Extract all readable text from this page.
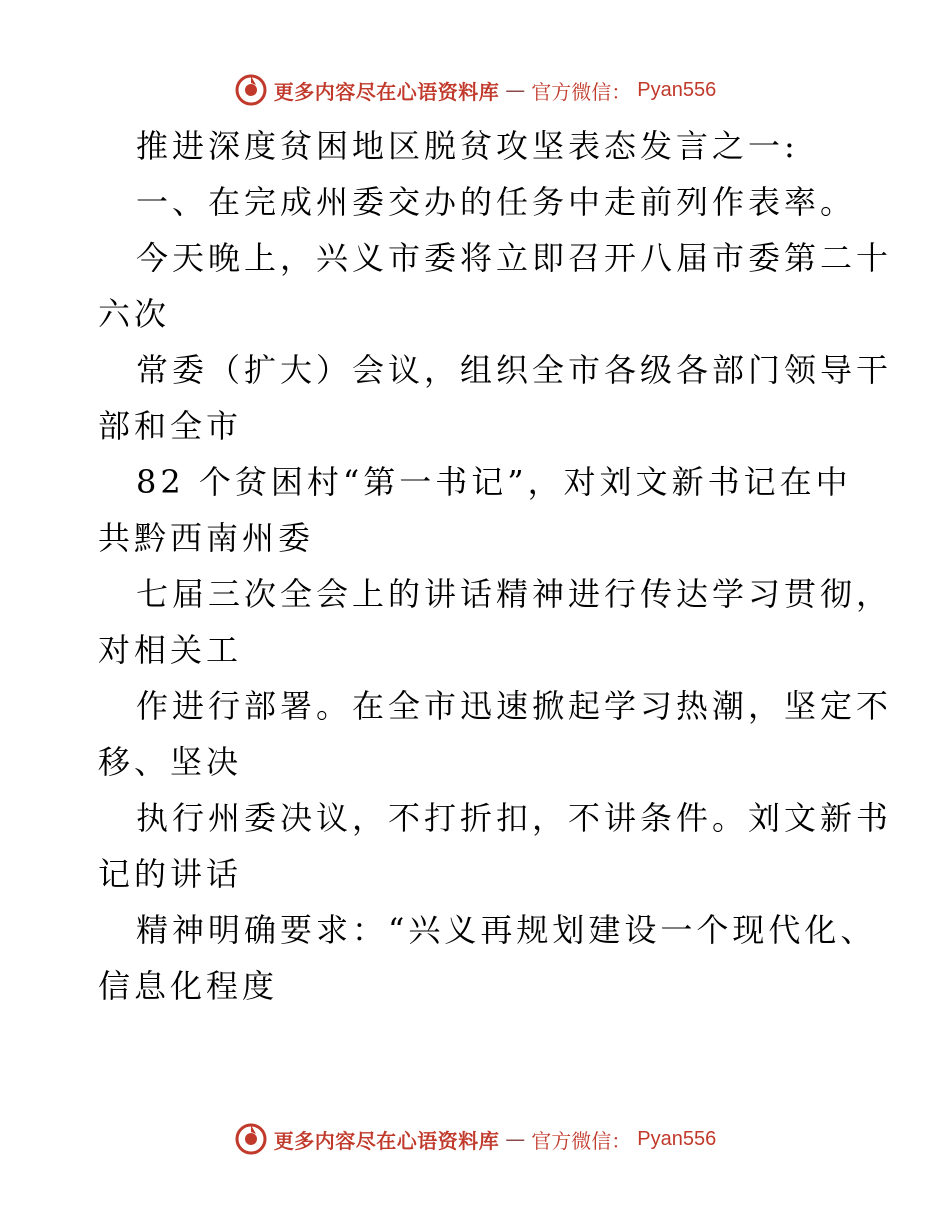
更多内容尽在心语资料库 — 官方微信： Pyan556
推进深度贫困地区脱贫攻坚表态发言之一:
一、在完成州委交办的任务中走前列作表率。
今天晚上，兴义市委将立即召开八届市委第二十
六次
常委（扩大）会议，组织全市各级各部门领导干
部和全市
82 个贫困村“第一书记”，对刘文新书记在中
共黔西南州委
七届三次全会上的讲话精神进行传达学习贯彻，
对相关工
作进行部署。在全市迅速掀起学习热潮，坚定不
移、坚决
执行州委决议，不打折扣，不讲条件。刘文新书
记的讲话
精神明确要求：“兴义再规划建设一个现代化、
信息化程度
更多内容尽在心语资料库 — 官方微信： Pyan556
